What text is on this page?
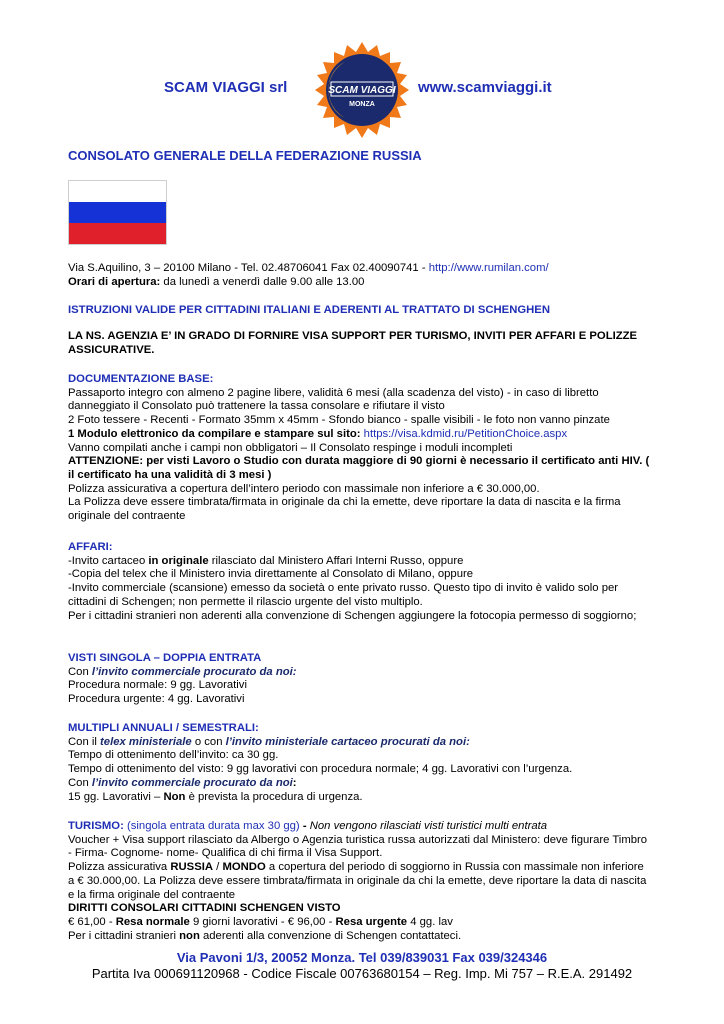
SCAM VIAGGI srl	SCAM VIAGGI
MONZA
www.scamviaggi.it
CONSOLATO GENERALE DELLA FEDERAZIONE RUSSIA

Via S.Aquilino, 3 – 20100 Milano - Tel. 02.48706041 Fax 02.40090741 - http://www.rumilan.com/

Orari di apertura: da lunedì a venerdì dalle 9.00 alle 13.00

ISTRUZIONI VALIDE PER CITTADINI ITALIANI E ADERENTI AL TRATTATO DI SCHENGHEN
LA NS. AGENZIA E’ IN GRADO DI FORNIRE VISA SUPPORT PER TURISMO, INVITI PER AFFARI E POLIZZE ASSICURATIVE.

DOCUMENTAZIONE BASE:

Passaporto integro con almeno 2 pagine libere, validità 6 mesi (alla scadenza del visto) - in caso di libretto danneggiato il Consolato può trattenere la tassa consolare e rifiutare il visto

2 Foto tessere - Recenti - Formato 35mm x 45mm - Sfondo bianco - spalle visibili - le foto non vanno pinzate

1 Modulo elettronico da compilare e stampare sul sito: https://visa.kdmid.ru/PetitionChoice.aspx

Vanno compilati anche i campi non obbligatori – Il Consolato respinge i moduli incompleti

ATTENZIONE: per visti Lavoro o Studio con durata maggiore di 90 giorni è necessario il certificato anti HIV. ( il certificato ha una validità di 3 mesi )

Polizza assicurativa a copertura dell’intero periodo con massimale non inferiore a € 30.000,00.

La Polizza deve essere timbrata/firmata in originale da chi la emette, deve riportare la data di nascita e la firma originale del contraente

AFFARI:

-Invito cartaceo in originale rilasciato dal Ministero Affari Interni Russo, oppure

-Copia del telex che il Ministero invia direttamente al Consolato di Milano, oppure

-Invito commerciale (scansione) emesso da società o ente privato russo. Questo tipo di invito è valido solo per cittadini di Schengen; non permette il rilascio urgente del visto multiplo.

Per i cittadini stranieri non aderenti alla convenzione di Schengen aggiungere la fotocopia permesso di soggiorno;

VISTI SINGOLA – DOPPIA ENTRATA

Con l’invito commerciale procurato da noi:

Procedura normale: 9 gg. Lavorativi

Procedura urgente: 4 gg. Lavorativi

MULTIPLI ANNUALI / SEMESTRALI:

Con il telex ministeriale o con l’invito ministeriale cartaceo procurati da noi:

Tempo di ottenimento dell’invito: ca 30 gg.

Tempo di ottenimento del visto: 9 gg lavorativi con procedura normale; 4 gg. Lavorativi con l’urgenza.

Con l’invito commerciale procurato da noi:

15 gg. Lavorativi – Non è prevista la procedura di urgenza.

TURISMO: (singola entrata durata max 30 gg) - Non vengono rilasciati visti turistici multi entrata

Voucher + Visa support rilasciato da Albergo o Agenzia turistica russa autorizzati dal Ministero: deve figurare Timbro - Firma- Cognome- nome- Qualifica di chi firma il Visa Support.

Polizza assicurativa RUSSIA / MONDO a copertura del periodo di soggiorno in Russia con massimale non inferiore a € 30.000,00. La Polizza deve essere timbrata/firmata in originale da chi la emette, deve riportare la data di nascita e la firma originale del contraente

DIRITTI CONSOLARI CITTADINI SCHENGEN VISTO

€ 61,00 - Resa normale 9 giorni lavorativi - € 96,00 - Resa urgente 4 gg. lav

Per i cittadini stranieri non aderenti alla convenzione di Schengen contattateci.

Via Pavoni 1/3, 20052 Monza. Tel 039/839031 Fax 039/324346
Partita Iva 000691120968 - Codice Fiscale 00763680154 – Reg. Imp. Mi 757 – R.E.A. 291492
